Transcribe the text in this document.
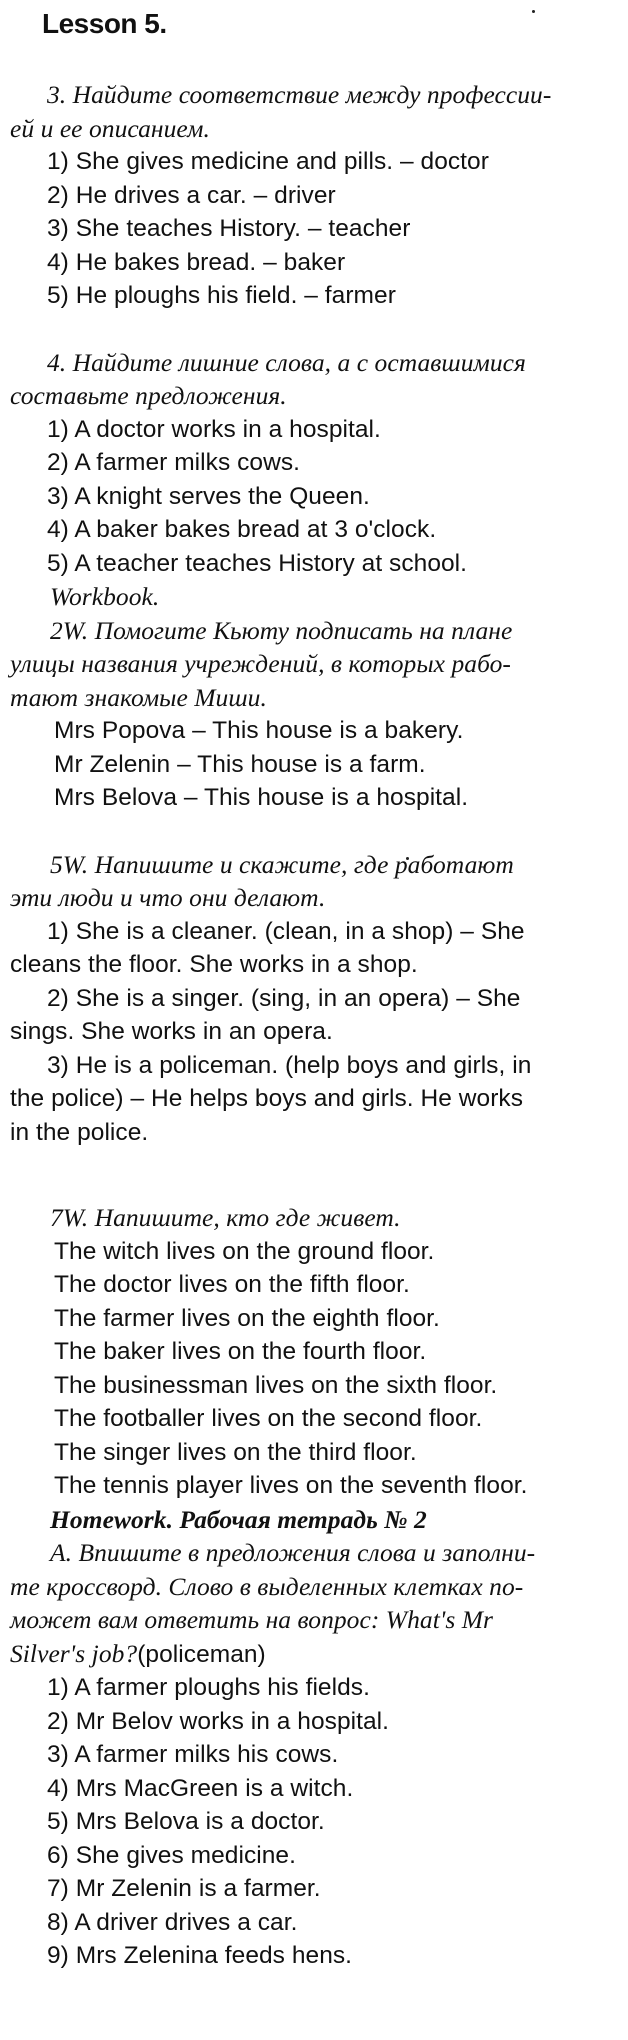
Lesson 5.
3. Найдите соответствие между профессии-
ей и ее описанием.
1) She gives medicine and pills. – doctor
2) He drives a car. – driver
3) She teaches History. – teacher
4) He bakes bread. – baker
5) He ploughs his field. – farmer
4. Найдите лишние слова, а с оставшимися
составьте предложения.
1) A doctor works in a hospital.
2) A farmer milks cows.
3) A knight serves the Queen.
4) A baker bakes bread at 3 o'clock.
5) A teacher teaches History at school.
Workbook.
2W. Помогите Кьюту подписать на плане
улицы названия учреждений, в которых рабо-
тают знакомые Миши.
Mrs Popova – This house is a bakery.
Mr Zelenin – This house is a farm.
Mrs Belova – This house is a hospital.
5W. Напишите и скажите, где работают
эти люди и что они делают.
1) She is a cleaner. (clean, in a shop) – She
cleans the floor. She works in a shop.
2) She is a singer. (sing, in an opera) – She
sings. She works in an opera.
3) He is a policeman. (help boys and girls, in
the police) – He helps boys and girls. He works
in the police.
7W. Напишите, кто где живет.
The witch lives on the ground floor.
The doctor lives on the fifth floor.
The farmer lives on the eighth floor.
The baker lives on the fourth floor.
The businessman lives on the sixth floor.
The footballer lives on the second floor.
The singer lives on the third floor.
The tennis player lives on the seventh floor.
Homework. Рабочая тетрадь № 2
A. Впишите в предложения слова и заполни-
те кроссворд. Слово в выделенных клетках по-
может вам ответить на вопрос: What's Mr
Silver's job?(policeman)
1) A farmer ploughs his fields.
2) Mr Belov works in a hospital.
3) A farmer milks his cows.
4) Mrs MacGreen is a witch.
5) Mrs Belova is a doctor.
6) She gives medicine.
7) Mr Zelenin is a farmer.
8) A driver drives a car.
9) Mrs Zelenina feeds hens.
